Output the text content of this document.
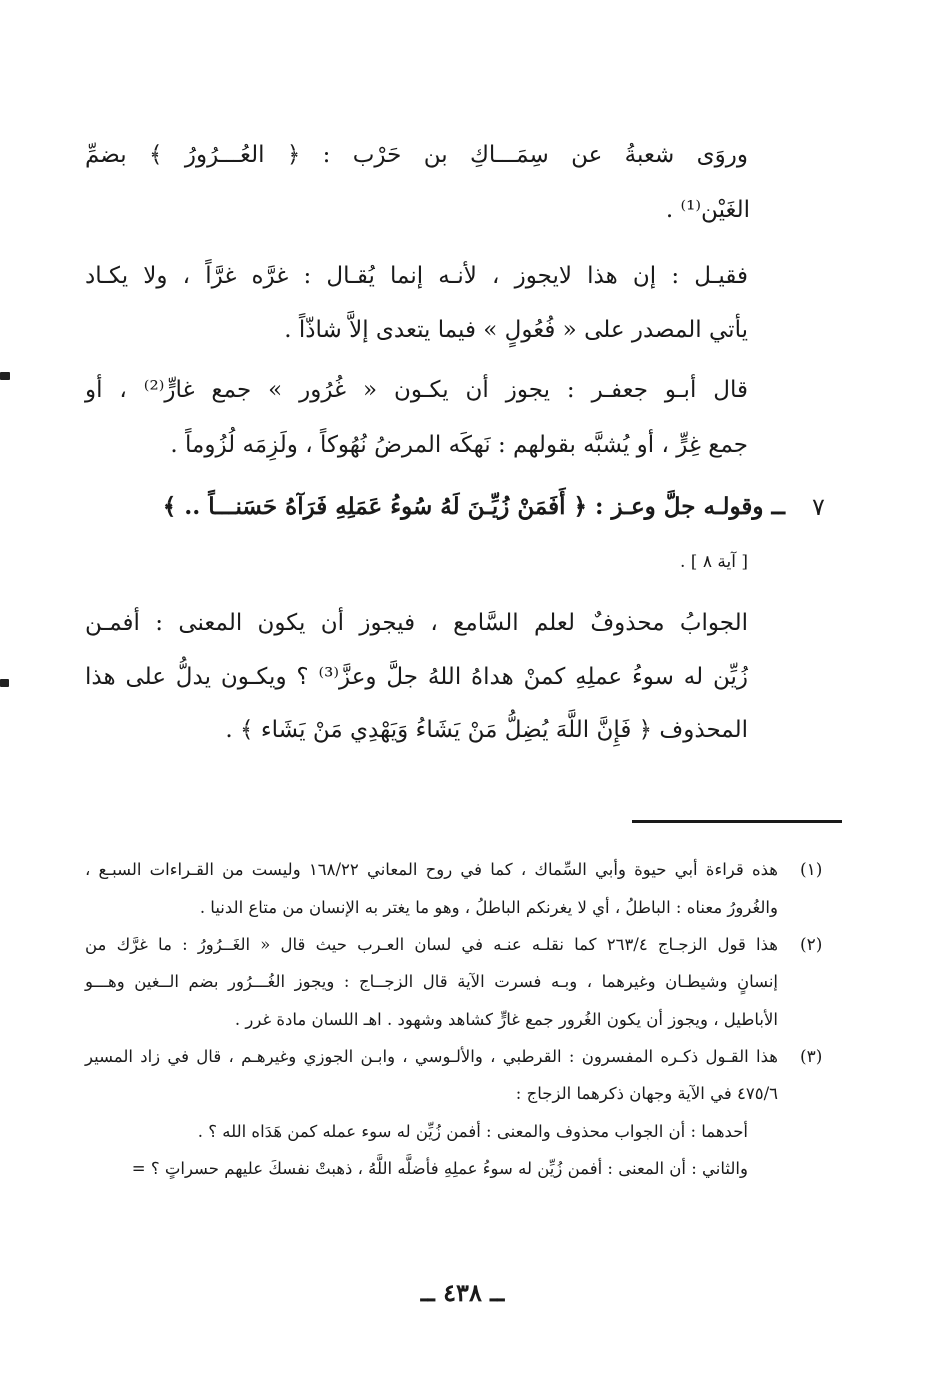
وروَى شعبةُ عن سِمَـــاكِ بن حَرْب : ﴿ العُـــرُورُ ﴾ بضمِّ
الغَيْن⁽¹⁾ .
فقيـل : إن هذا لايجوز ، لأنـه إنما يُقـال : غرَّه غرَّاً ، ولا يكـاد
يأتي المصدر على « فُعُولٍ » فيما يتعدى إلاَّ شاذّاً .
قال أبـو جعفـر : يجوز أن يكـون « غُرُور » جمع غارٍّ⁽²⁾ ، أو
جمع غِرٍّ ، أو يُشبَّه بقولهم : نَهكَه المرضُ نُهُوكاً ، ولَزِمَه لُزُوماً .
٧
ــ وقولـه جلَّ وعـز : ﴿ أَفَمَنْ زُيِّـنَ لَهُ سُوءُ عَمَلِهِ فَرَآهُ حَسَنـــاً .. ﴾
[ آية ٨ ] .
الجوابُ محذوفٌ لعلم السَّامع ، فيجوز أن يكون المعنى : أفمـن
زُيِّن له سوءُ عملِهِ كمنْ هداهُ اللهُ جلَّ وعزَّ⁽³⁾ ؟ ويكـون يدلُّ على هذا
المحذوف ﴿ فَإِنَّ اللَّهَ يُضِلُّ مَنْ يَشَاءُ وَيَهْدِي مَنْ يَشَاء ﴾ .
(١)
هذه قراءة أبي حيوة وأبي السِّماك ، كما في روح المعاني ١٦٨/٢٢ وليست من القـراءات السبـع ،
والغُرورُ معناه : الباطلُ ، أي لا يغرنكم الباطلُ ، وهو ما يغتر به الإنسان من متاع الدنيا .
(٢)
هذا قول الزجـاج ٢٦٣/٤ كما نقلـه عنـه في لسان العـرب حيث قال « الغَــرُورُ : ما غرَّك من
إنسانٍ وشيطـان وغيرهما ، وبـه فسرت الآية قال الزجــاج : ويجوز الغُـــرُور بضم الــغين وهـــو
الأباطيل ، ويجوز أن يكون الغُرور جمع غارٍّ كشاهد وشهود . اهـ اللسان مادة غرر .
(٣)
هذا القـول ذكـره المفسرون : القرطبي ، والألـوسي ، وابـن الجوزي وغيرهـم ، قال في زاد المسير
٤٧٥/٦ في الآية وجهان ذكرهما الزجاج :
أحدهما : أن الجواب محذوف والمعنى : أفمن زُيِّن له سوء عمله كمن هَدَاه الله ؟ .
والثاني : أن المعنى : أفمن زُيِّن له سوءُ عملِهِ فأضلَّه اللَّهُ ، ذهبتْ نفسكَ عليهم حسراتٍ ؟ =
ــ ٤٣٨ ــ
